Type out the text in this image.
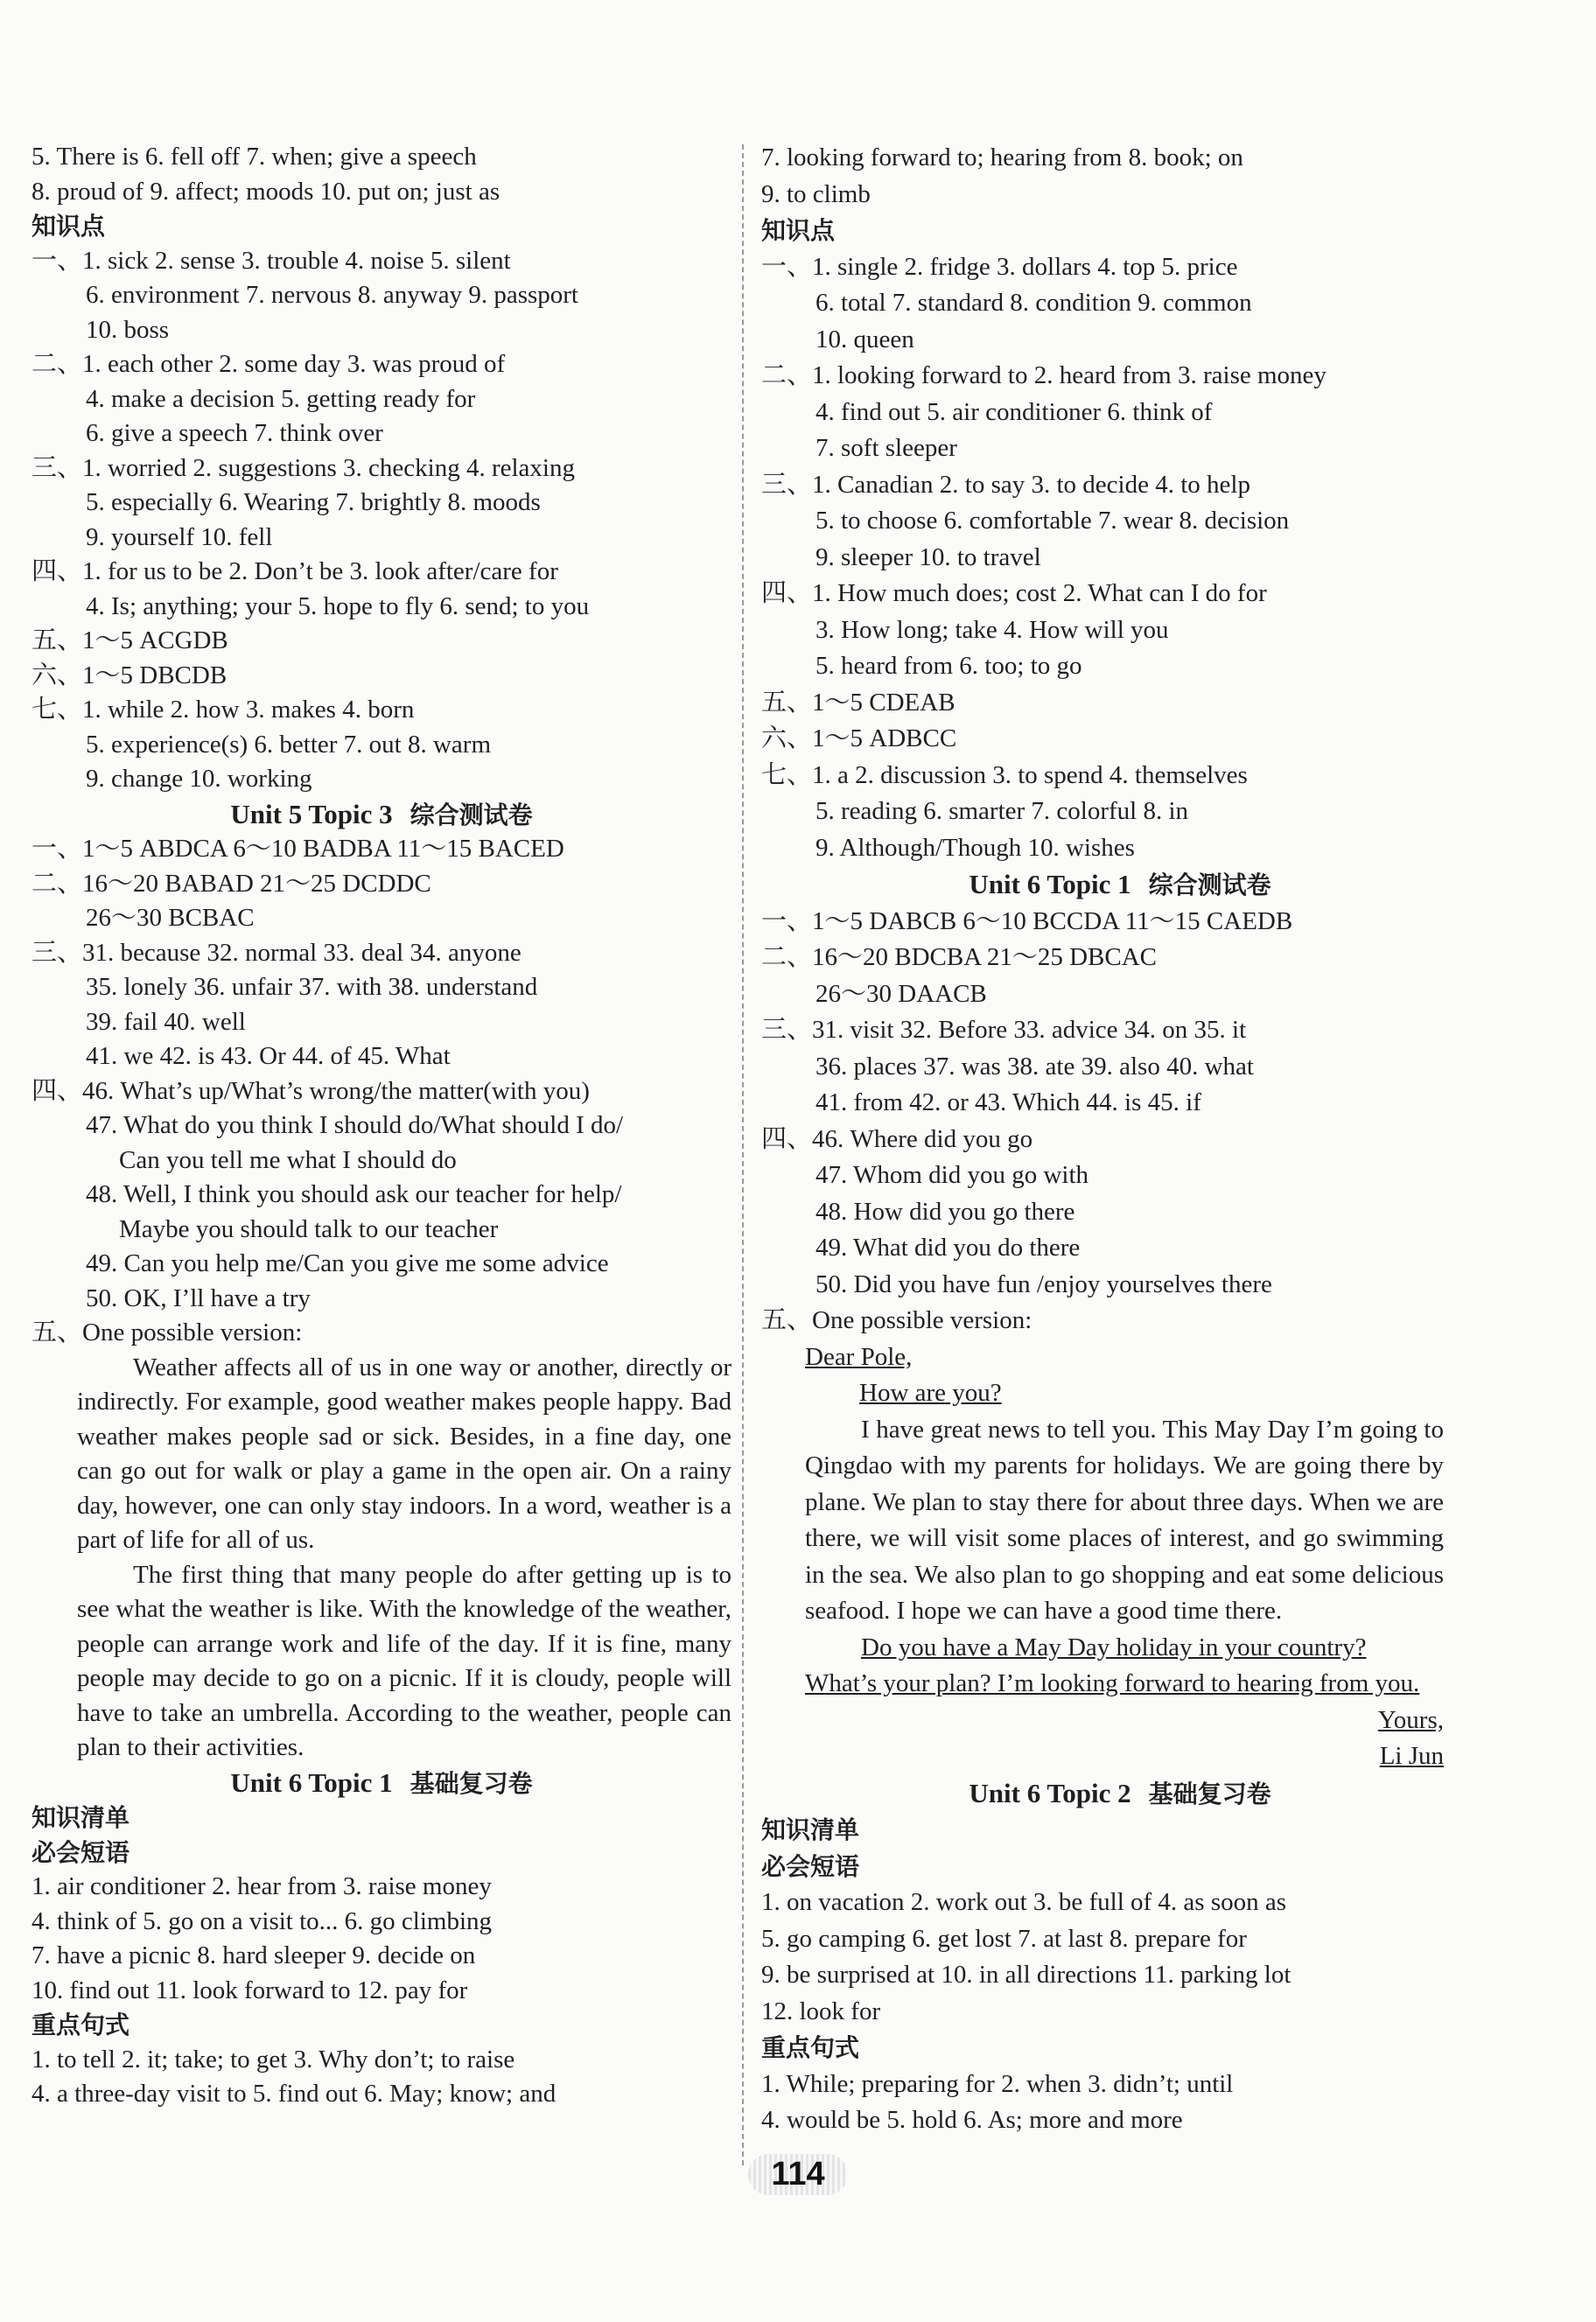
5. There is 6. fell off 7. when; give a speech
8. proud of 9. affect; moods 10. put on; just as
知识点
一、1. sick 2. sense 3. trouble 4. noise 5. silent
6. environment 7. nervous 8. anyway 9. passport
10. boss
二、1. each other 2. some day 3. was proud of
4. make a decision 5. getting ready for
6. give a speech 7. think over
三、1. worried 2. suggestions 3. checking 4. relaxing
5. especially 6. Wearing 7. brightly 8. moods
9. yourself 10. fell
四、1. for us to be 2. Don’t be 3. look after/care for
4. Is; anything; your 5. hope to fly 6. send; to you
五、1～5 ACGDB
六、1～5 DBCDB
七、1. while 2. how 3. makes 4. born
5. experience(s) 6. better 7. out 8. warm
9. change 10. working
Unit 5 Topic 3 综合测试卷
一、1～5 ABDCA 6～10 BADBA 11～15 BACED
二、16～20 BABAD 21～25 DCDDC
26～30 BCBAC
三、31. because 32. normal 33. deal 34. anyone
35. lonely 36. unfair 37. with 38. understand
39. fail 40. well
41. we 42. is 43. Or 44. of 45. What
四、46. What’s up/What’s wrong/the matter(with you)
47. What do you think I should do/What should I do/
Can you tell me what I should do
48. Well, I think you should ask our teacher for help/
Maybe you should talk to our teacher
49. Can you help me/Can you give me some advice
50. OK, I’ll have a try
五、One possible version:
Weather affects all of us in one way or another, directly or indirectly. For example, good weather makes people happy. Bad weather makes people sad or sick. Besides, in a fine day, one can go out for walk or play a game in the open air. On a rainy day, however, one can only stay indoors. In a word, weather is a part of life for all of us.
The first thing that many people do after getting up is to see what the weather is like. With the knowledge of the weather, people can arrange work and life of the day. If it is fine, many people may decide to go on a picnic. If it is cloudy, people will have to take an umbrella. According to the weather, people can plan to their activities.
Unit 6 Topic 1 基础复习卷
知识清单
必会短语
1. air conditioner 2. hear from 3. raise money
4. think of 5. go on a visit to... 6. go climbing
7. have a picnic 8. hard sleeper 9. decide on
10. find out 11. look forward to 12. pay for
重点句式
1. to tell 2. it; take; to get 3. Why don’t; to raise
4. a three-day visit to 5. find out 6. May; know; and
7. looking forward to; hearing from 8. book; on
9. to climb
知识点
一、1. single 2. fridge 3. dollars 4. top 5. price
6. total 7. standard 8. condition 9. common
10. queen
二、1. looking forward to 2. heard from 3. raise money
4. find out 5. air conditioner 6. think of
7. soft sleeper
三、1. Canadian 2. to say 3. to decide 4. to help
5. to choose 6. comfortable 7. wear 8. decision
9. sleeper 10. to travel
四、1. How much does; cost 2. What can I do for
3. How long; take 4. How will you
5. heard from 6. too; to go
五、1～5 CDEAB
六、1～5 ADBCC
七、1. a 2. discussion 3. to spend 4. themselves
5. reading 6. smarter 7. colorful 8. in
9. Although/Though 10. wishes
Unit 6 Topic 1 综合测试卷
一、1～5 DABCB 6～10 BCCDA 11～15 CAEDB
二、16～20 BDCBA 21～25 DBCAC
26～30 DAACB
三、31. visit 32. Before 33. advice 34. on 35. it
36. places 37. was 38. ate 39. also 40. what
41. from 42. or 43. Which 44. is 45. if
四、46. Where did you go
47. Whom did you go with
48. How did you go there
49. What did you do there
50. Did you have fun /enjoy yourselves there
五、One possible version:
Dear Pole,
How are you?
I have great news to tell you. This May Day I’m going to Qingdao with my parents for holidays. We are going there by plane. We plan to stay there for about three days. When we are there, we will visit some places of interest, and go swimming in the sea. We also plan to go shopping and eat some delicious seafood. I hope we can have a good time there.
Do you have a May Day holiday in your country?
What’s your plan? I’m looking forward to hearing from you.
Yours,
Li Jun
Unit 6 Topic 2 基础复习卷
知识清单
必会短语
1. on vacation 2. work out 3. be full of 4. as soon as
5. go camping 6. get lost 7. at last 8. prepare for
9. be surprised at 10. in all directions 11. parking lot
12. look for
重点句式
1. While; preparing for 2. when 3. didn’t; until
4. would be 5. hold 6. As; more and more
114
